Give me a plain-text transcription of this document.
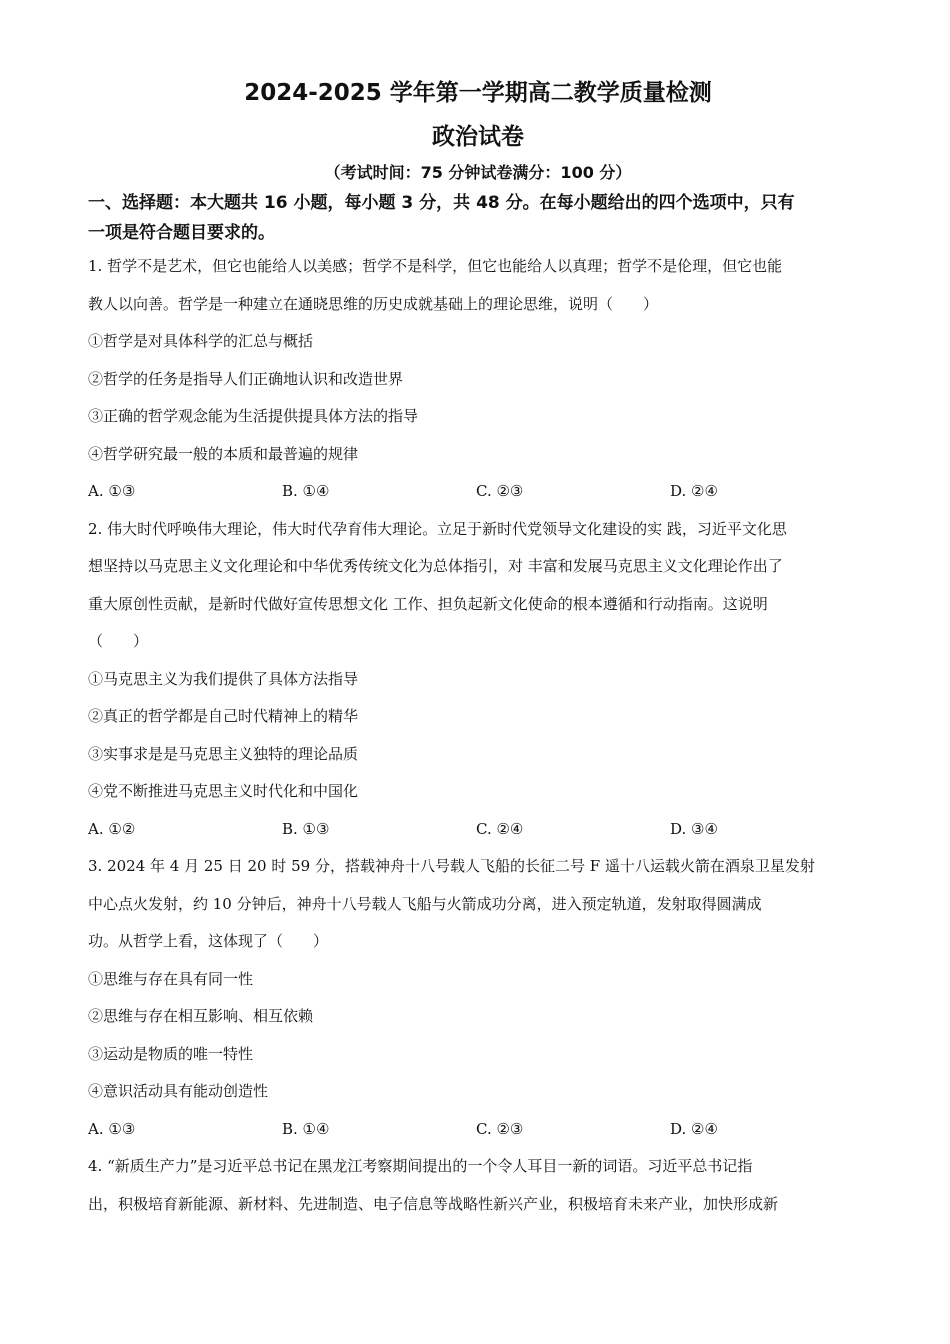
2024-2025 学年第一学期高二教学质量检测
政治试卷
（考试时间：75 分钟试卷满分：100 分）
一、选择题：本大题共 16 小题，每小题 3 分，共 48 分。在每小题给出的四个选项中，只有
一项是符合题目要求的。
1. 哲学不是艺术，但它也能给人以美感；哲学不是科学，但它也能给人以真理；哲学不是伦理，但它也能
教人以向善。哲学是一种建立在通晓思维的历史成就基础上的理论思维，说明（　　）
①哲学是对具体科学的汇总与概括
②哲学的任务是指导人们正确地认识和改造世界
③正确的哲学观念能为生活提供提具体方法的指导
④哲学研究最一般的本质和最普遍的规律
A. ①③	B. ①④	C. ②③	D. ②④
2. 伟大时代呼唤伟大理论，伟大时代孕育伟大理论。立足于新时代党领导文化建设的实 践，习近平文化思
想坚持以马克思主义文化理论和中华优秀传统文化为总体指引，对 丰富和发展马克思主义文化理论作出了
重大原创性贡献，是新时代做好宣传思想文化 工作、担负起新文化使命的根本遵循和行动指南。这说明
（　　）
①马克思主义为我们提供了具体方法指导
②真正的哲学都是自己时代精神上的精华
③实事求是是马克思主义独特的理论品质
④党不断推进马克思主义时代化和中国化
A. ①②	B. ①③	C. ②④	D. ③④
3. 2024 年 4 月 25 日 20 时 59 分，搭载神舟十八号载人飞船的长征二号 F 遥十八运载火箭在酒泉卫星发射
中心点火发射，约 10 分钟后，神舟十八号载人飞船与火箭成功分离，进入预定轨道，发射取得圆满成
功。从哲学上看，这体现了（　　）
①思维与存在具有同一性
②思维与存在相互影响、相互依赖
③运动是物质的唯一特性
④意识活动具有能动创造性
A. ①③	B. ①④	C. ②③	D. ②④
4. “新质生产力”是习近平总书记在黑龙江考察期间提出的一个令人耳目一新的词语。习近平总书记指
出，积极培育新能源、新材料、先进制造、电子信息等战略性新兴产业，积极培育未来产业，加快形成新
